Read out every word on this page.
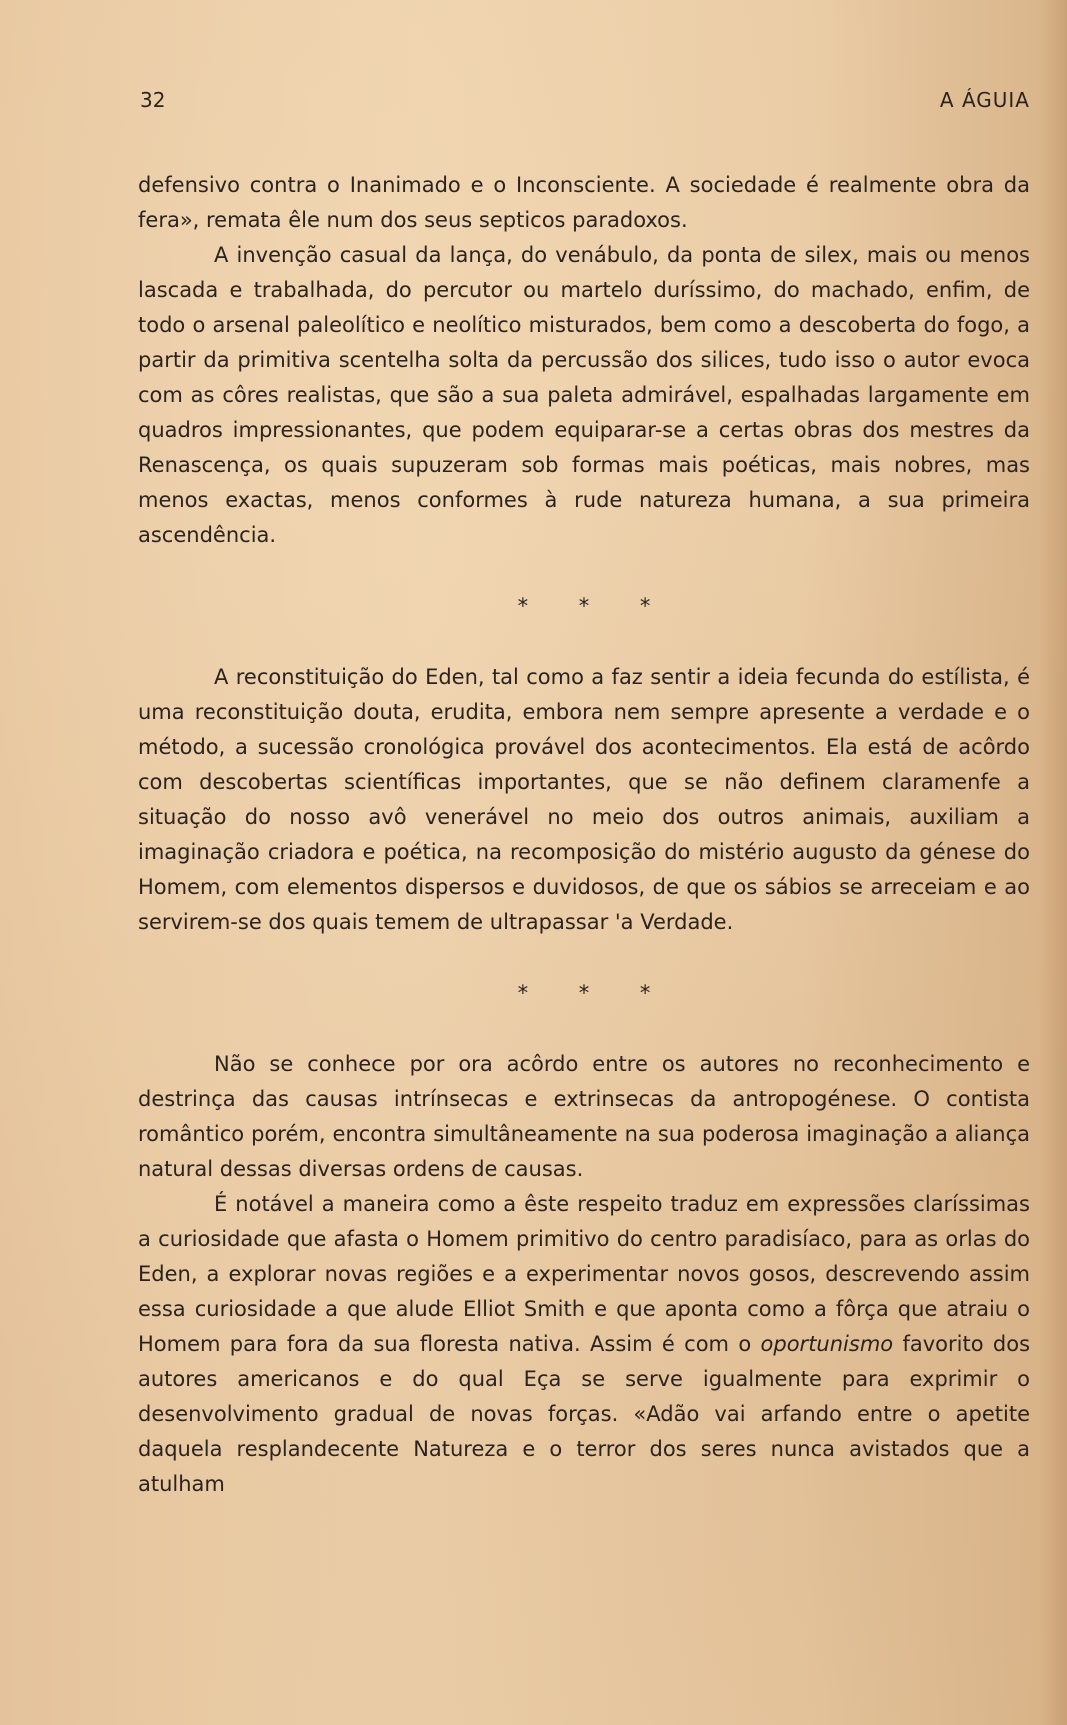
32	A ÁGUIA

defensivo contra o Inanimado e o Inconsciente. A sociedade é realmente obra da fera», remata êle num dos seus septicos paradoxos.

A invenção casual da lança, do venábulo, da ponta de silex, mais ou menos lascada e trabalhada, do percutor ou martelo duríssimo, do machado, enfim, de todo o arsenal paleolítico e neolítico misturados, bem como a descoberta do fogo, a partir da primitiva scentelha solta da percussão dos silices, tudo isso o autor evoca com as côres realistas, que são a sua paleta admirável, espalhadas largamente em quadros impressionantes, que podem equiparar-se a certas obras dos mestres da Renascença, os quais supuzeram sob formas mais poéticas, mais nobres, mas menos exactas, menos conformes à rude natureza humana, a sua primeira ascendência.

* * *

A reconstituição do Eden, tal como a faz sentir a ideia fecunda do estílista, é uma reconstituição douta, erudita, embora nem sempre apresente a verdade e o método, a sucessão cronológica provável dos acontecimentos. Ela está de acôrdo com descobertas scientíficas importantes, que se não definem claramenfe a situação do nosso avô venerável no meio dos outros animais, auxiliam a imaginação criadora e poética, na recomposição do mistério augusto da génese do Homem, com elementos dispersos e duvidosos, de que os sábios se arreceiam e ao servirem-se dos quais temem de ultrapassar 'a Verdade.

* * *

Não se conhece por ora acôrdo entre os autores no reconhecimento e destrinça das causas intrínsecas e extrinsecas da antropogénese. O contista romântico porém, encontra simultâneamente na sua poderosa imaginação a aliança natural dessas diversas ordens de causas.

É notável a maneira como a êste respeito traduz em expressões claríssimas a curiosidade que afasta o Homem primitivo do centro paradisíaco, para as orlas do Eden, a explorar novas regiões e a experimentar novos gosos, descrevendo assim essa curiosidade a que alude Elliot Smith e que aponta como a fôrça que atraiu o Homem para fora da sua floresta nativa. Assim é com o oportunismo favorito dos autores americanos e do qual Eça se serve igualmente para exprimir o desenvolvimento gradual de novas forças. «Adão vai arfando entre o apetite daquela resplandecente Natureza e o terror dos seres nunca avistados que a atulham
